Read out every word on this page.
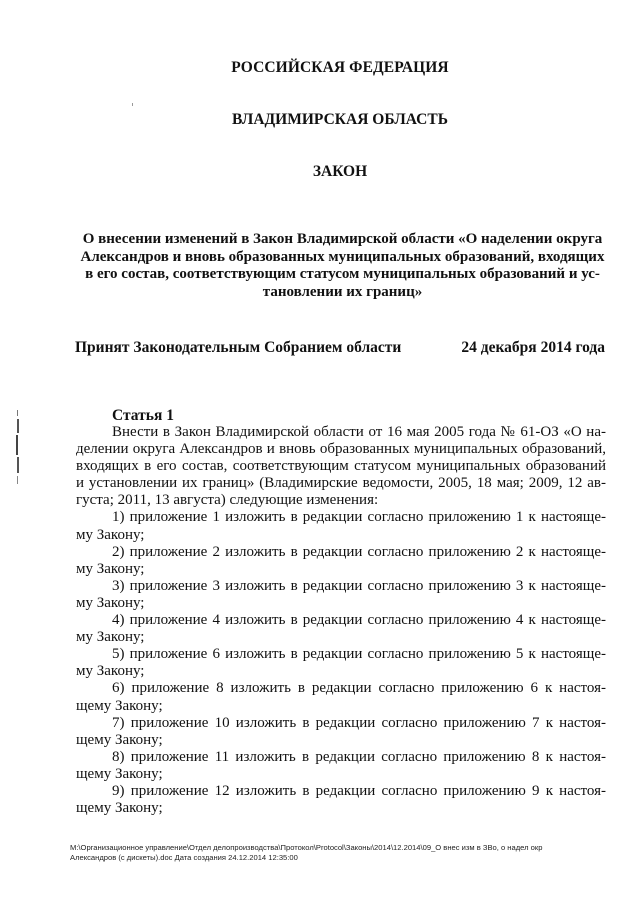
РОССИЙСКАЯ ФЕДЕРАЦИЯ
ВЛАДИМИРСКАЯ ОБЛАСТЬ
ЗАКОН
О внесении изменений в Закон Владимирской области «О наделении округа
Александров и вновь образованных муниципальных образований, входящих
в его состав, соответствующим статусом муниципальных образований и ус-
тановлении их границ»
Принят Законодательным Собранием области	24 декабря 2014 года
Статья 1
Внести в Закон Владимирской области от 16 мая 2005 года № 61-ОЗ «О на-
делении округа Александров и вновь образованных муниципальных образований,
входящих в его состав, соответствующим статусом муниципальных образований
и установлении их границ» (Владимирские ведомости, 2005, 18 мая; 2009, 12 ав-
густа; 2011, 13 августа) следующие изменения:
1) приложение 1 изложить в редакции согласно приложению 1 к настояще-
му Закону;
2) приложение 2 изложить в редакции согласно приложению 2 к настояще-
му Закону;
3) приложение 3 изложить в редакции согласно приложению 3 к настояще-
му Закону;
4) приложение 4 изложить в редакции согласно приложению 4 к настояще-
му Закону;
5) приложение 6 изложить в редакции согласно приложению 5 к настояще-
му Закону;
6) приложение 8 изложить в редакции согласно приложению 6 к настоя-
щему Закону;
7) приложение 10 изложить в редакции согласно приложению 7 к настоя-
щему Закону;
8) приложение 11 изложить в редакции согласно приложению 8 к настоя-
щему Закону;
9) приложение 12 изложить в редакции согласно приложению 9 к настоя-
щему Закону;
M:\Организационное управление\Отдел делопроизводства\Протокол\Protocol\Законы\2014\12.2014\09_О внес изм в ЗВо, о надел окр
Александров (с дискеты).doc Дата создания 24.12.2014 12:35:00
